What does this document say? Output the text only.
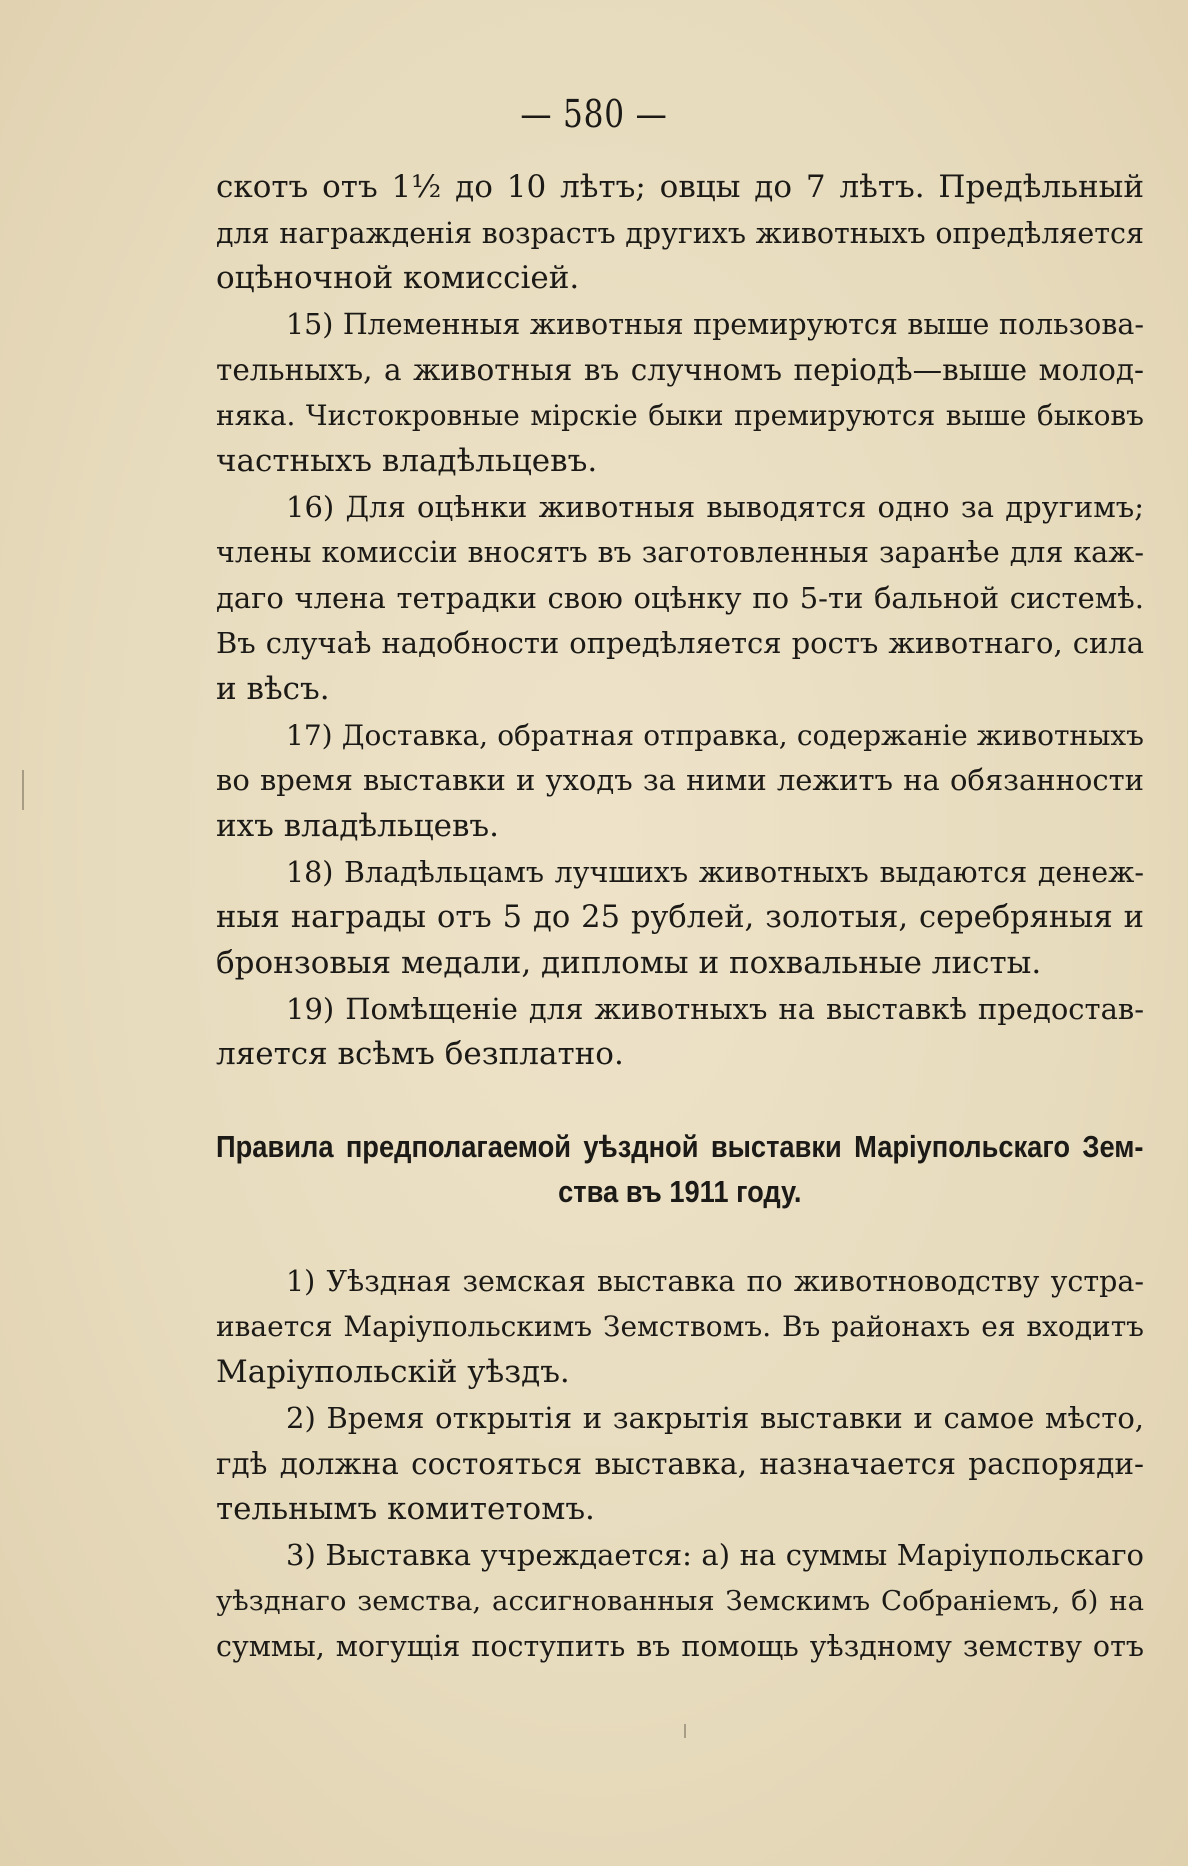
— 580 —
скотъ отъ 1½ до 10 лѣтъ; овцы до 7 лѣтъ. Предѣльный
для награжденія возрастъ другихъ животныхъ опредѣляется
оцѣночной комиссіей.
15) Племенныя животныя премируются выше пользова-
тельныхъ, а животныя въ случномъ періодѣ—выше молод-
няка. Чистокровные мірскіе быки премируются выше быковъ
частныхъ владѣльцевъ.
16) Для оцѣнки животныя выводятся одно за другимъ;
члены комиссіи вносятъ въ заготовленныя заранѣе для каж-
даго члена тетрадки свою оцѣнку по 5-ти бальной системѣ.
Въ случаѣ надобности опредѣляется ростъ животнаго, сила
и вѣсъ.
17) Доставка, обратная отправка, содержаніе животныхъ
во время выставки и уходъ за ними лежитъ на обязанности
ихъ владѣльцевъ.
18) Владѣльцамъ лучшихъ животныхъ выдаются денеж-
ныя награды отъ 5 до 25 рублей, золотыя, серебряныя и
бронзовыя медали, дипломы и похвальные листы.
19) Помѣщеніе для животныхъ на выставкѣ предостав-
ляется всѣмъ безплатно.
Правила предполагаемой уѣздной выставки Маріупольскаго Зем-
ства въ 1911 году.
1) Уѣздная земская выставка по животноводству устра-
ивается Маріупольскимъ Земствомъ. Въ районахъ ея входитъ
Маріупольскій уѣздъ.
2) Время открытія и закрытія выставки и самое мѣсто,
гдѣ должна состояться выставка, назначается распоряди-
тельнымъ комитетомъ.
3) Выставка учреждается: а) на суммы Маріупольскаго
уѣзднаго земства, ассигнованныя Земскимъ Собраніемъ, б) на
суммы, могущія поступить въ помощь уѣздному земству отъ
